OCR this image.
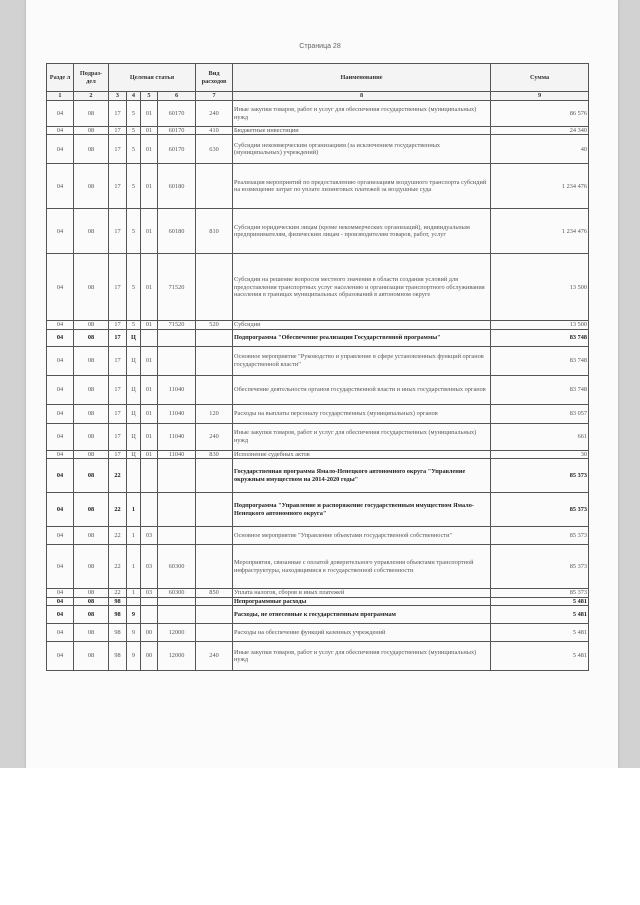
Страница 28
Разде л	Подраз- дел	Целевая статья				Вид расходов	Наименование	Сумма
1	2	3	4	5	6	7	8	9
04	08	17	5	01	60170	240	Иные закупки товаров, работ и услуг для обеспечения государственных (муниципальных) нужд	86 576
04	08	17	5	01	60170	410	Бюджетные инвестиции	24 340
04	08	17	5	01	60170	630	Субсидии некоммерческим организациям (за исключением государственных (муниципальных) учреждений)	40
04	08	17	5	01	60180		Реализация мероприятий по предоставлению организациям воздушного транспорта субсидий на возмещение затрат по уплате лизинговых платежей за воздушные суда	1 234 476
04	08	17	5	01	60180	810	Субсидии юридическим лицам (кроме некоммерческих организаций), индивидуальным предпринимателям, физическим лицам - производителям товаров, работ, услуг	1 234 476
04	08	17	5	01	71520		Субсидии на решение вопросов местного значения в области создания условий для предоставления транспортных услуг населению и организации транспортного обслуживания населения в границах муниципальных образований в автономном округе	13 500
04	08	17	5	01	71520	520	Субсидии	13 500
04	08	17	Ц				Подпрограмма "Обеспечение реализации Государственной программы"	83 748
04	08	17	Ц	01			Основное мероприятие "Руководство и управление в сфере установленных функций органов государственной власти"	83 748
04	08	17	Ц	01	11040		Обеспечение деятельности органов государственной власти и иных государственных органов	83 748
04	08	17	Ц	01	11040	120	Расходы на выплаты персоналу государственных (муниципальных) органов	83 057
04	08	17	Ц	01	11040	240	Иные закупки товаров, работ и услуг для обеспечения государственных (муниципальных) нужд	661
04	08	17	Ц	01	11040	830	Исполнение судебных актов	30
04	08	22					Государственная программа Ямало-Ненецкого автономного округа "Управление окружным имуществом на 2014-2020 годы"	85 373
04	08	22	1				Подпрограмма "Управление и распоряжение государственным имуществом Ямало-Ненецкого автономного округа"	85 373
04	08	22	1	03			Основное мероприятие "Управление объектами государственной собственности"	85 373
04	08	22	1	03	60300		Мероприятия, связанные с оплатой доверительного управления объектами транспортной инфраструктуры, находящимися в государственной собственности	85 373
04	08	22	1	03	60300	850	Уплата налогов, сборов и иных платежей	85 373
04	08	98					Непрограммные расходы	5 481
04	08	98	9				Расходы, не отнесенные к государственным программам	5 481
04	08	98	9	00	12000		Расходы на обеспечение функций казенных учреждений	5 481
04	08	98	9	00	12000	240	Иные закупки товаров, работ и услуг для обеспечения государственных (муниципальных) нужд	5 481
